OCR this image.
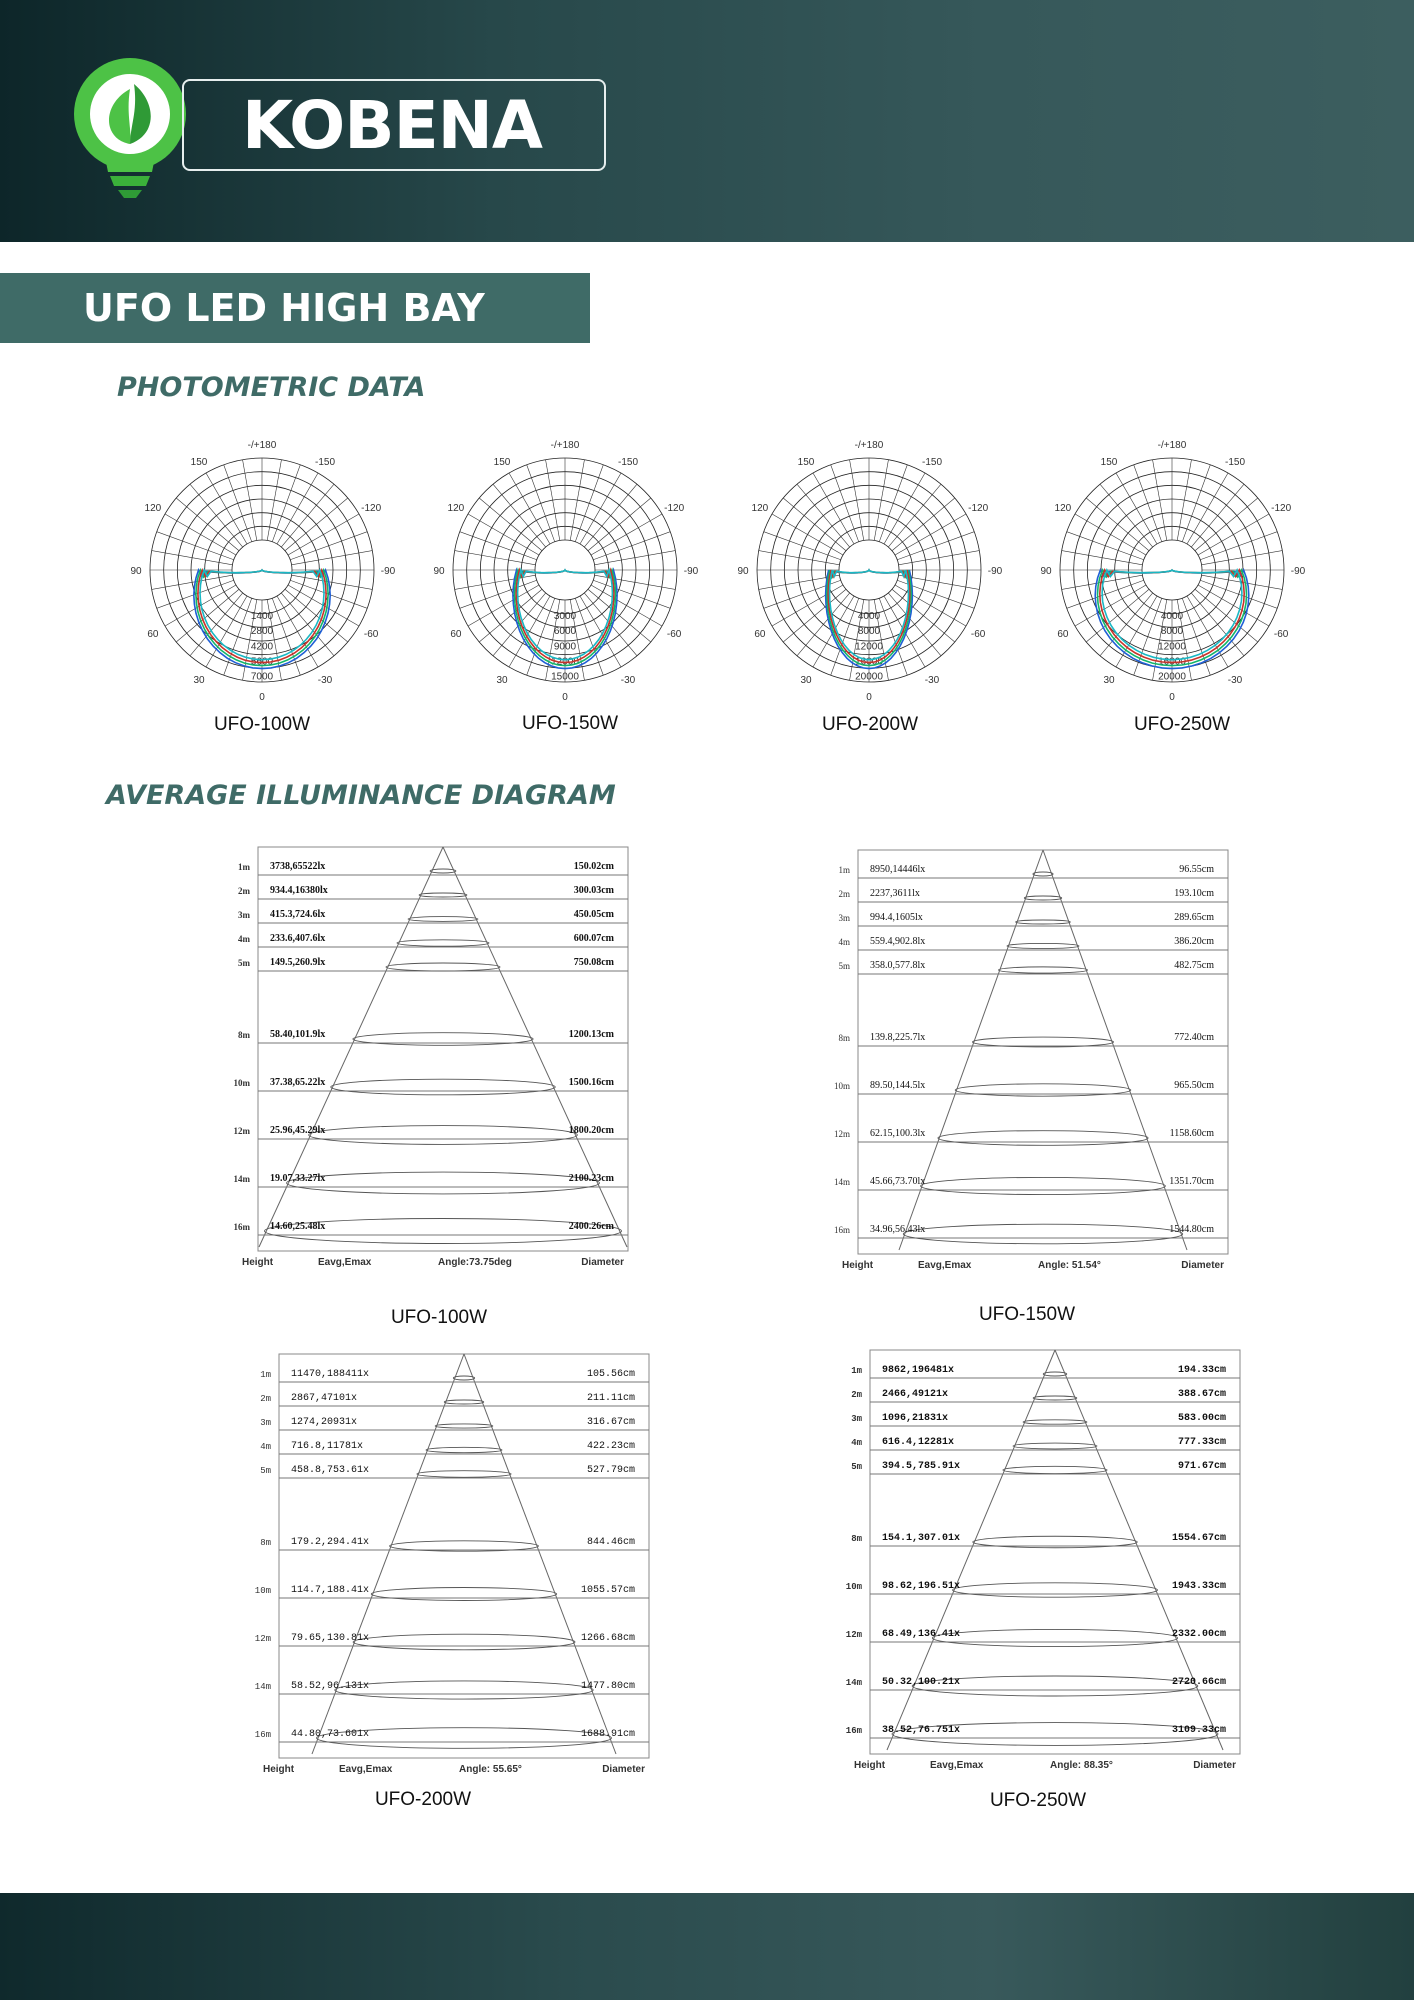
KOBENA
UFO LED HIGH BAY
PHOTOMETRIC DATA
-/+180
-150
150
-120
120
-90
90
-60
60
-30
30
0
1400
2800
4200
5600
7000
-/+180
-150
150
-120
120
-90
90
-60
60
-30
30
0
3000
6000
9000
12000
15000
-/+180
-150
150
-120
120
-90
90
-60
60
-30
30
0
4000
8000
12000
16000
20000
-/+180
-150
150
-120
120
-90
90
-60
60
-30
30
0
4000
8000
12000
16000
20000
UFO-100W	UFO-150W	UFO-200W	UFO-250W
AVERAGE ILLUMINANCE DIAGRAM
1m 3738,65522lx	150.02cm
2m 934.4,16380lx	300.03cm
3m 415.3,724.6lx	450.05cm
4m 233.6,407.6lx	600.07cm
5m 149.5,260.9lx	750.08cm
8m 58.40,101.9lx	1200.13cm
10m 37.38,65.22lx	1500.16cm
12m 25.96,45.29lx	1800.20cm
14m 19.07,33.27lx	2100.23cm
16m 14.60,25.48lx	2400.26cm
Height	Eavg,Emax	Angle:73.75deg	Diameter
UFO-100W
1m 8950,14446lx	96.55cm
2m 2237,3611lx	193.10cm
3m 994.4,1605lx	289.65cm
4m 559.4,902.8lx	386.20cm
5m 358.0,577.8lx	482.75cm
8m 139.8,225.7lx	772.40cm
10m 89.50,144.5lx	965.50cm
12m 62.15,100.3lx	1158.60cm
14m 45.66,73.70lx	1351.70cm
16m 34.96,56.43lx	1544.80cm
Height	Eavg,Emax	Angle: 51.54°	Diameter
UFO-150W
1m 11470,188411x	105.56cm
2m 2867,47101x	211.11cm
3m 1274,20931x	316.67cm
4m 716.8,11781x	422.23cm
5m 458.8,753.61x	527.79cm
8m 179.2,294.41x	844.46cm
10m 114.7,188.41x	1055.57cm
12m 79.65,130.81x	1266.68cm
14m 58.52,96.131x	1477.80cm
16m 44.80,73.601x	1688.91cm
Height	Eavg,Emax	Angle: 55.65°	Diameter
UFO-200W
1m 9862,196481x	194.33cm
2m 2466,49121x	388.67cm
3m 1096,21831x	583.00cm
4m 616.4,12281x	777.33cm
5m 394.5,785.91x	971.67cm
8m 154.1,307.01x	1554.67cm
10m 98.62,196.51x	1943.33cm
12m 68.49,136.41x	2332.00cm
14m 50.32,100.21x	2720.66cm
16m 38.52,76.751x	3109.33cm
Height	Eavg,Emax	Angle: 88.35°	Diameter
UFO-250W
